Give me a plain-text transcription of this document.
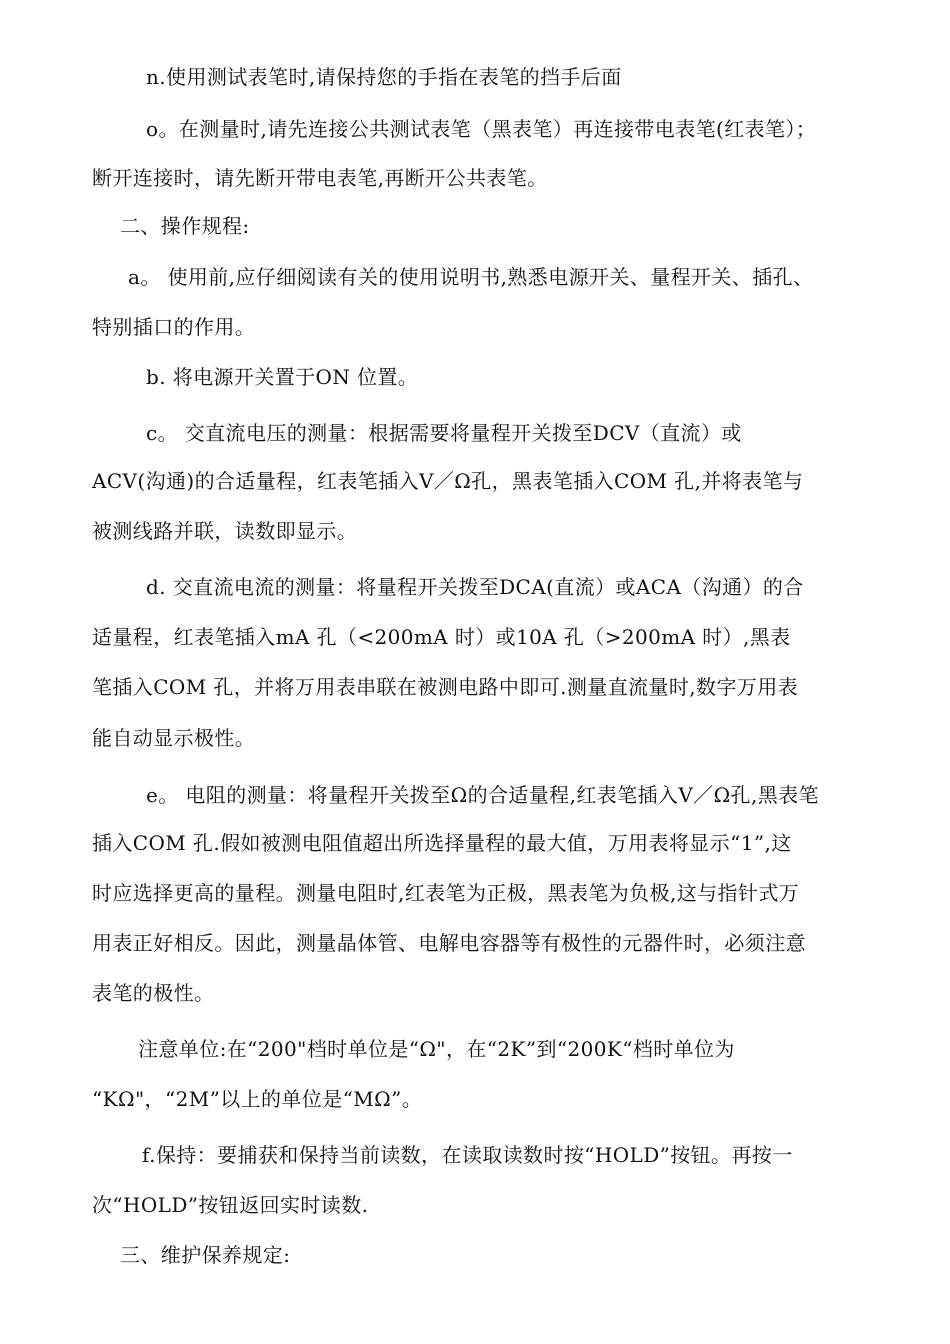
n.使用测试表笔时,请保持您的手指在表笔的挡手后面
o。在测量时,请先连接公共测试表笔（黑表笔）再连接带电表笔(红表笔）；
断开连接时，请先断开带电表笔,再断开公共表笔。
二、操作规程:
a。 使用前,应仔细阅读有关的使用说明书,熟悉电源开关、量程开关、插孔、
特别插口的作用。
b. 将电源开关置于ON 位置。
c。 交直流电压的测量：根据需要将量程开关拨至DCV（直流）或
ACV(沟通)的合适量程，红表笔插入V／Ω孔，黑表笔插入COM 孔,并将表笔与
被测线路并联，读数即显示。
d. 交直流电流的测量：将量程开关拨至DCA(直流）或ACA（沟通）的合
适量程，红表笔插入mA 孔（<200mA 时）或10A 孔（>200mA 时）,黑表
笔插入COM 孔，并将万用表串联在被测电路中即可.测量直流量时,数字万用表
能自动显示极性。
e。 电阻的测量：将量程开关拨至Ω的合适量程,红表笔插入V／Ω孔,黑表笔
插入COM 孔.假如被测电阻值超出所选择量程的最大值，万用表将显示“1”,这
时应选择更高的量程。测量电阻时,红表笔为正极，黑表笔为负极,这与指针式万
用表正好相反。因此，测量晶体管、电解电容器等有极性的元器件时，必须注意
表笔的极性。
注意单位:在“200"档时单位是“Ω"，在“2K”到“200K“档时单位为
“KΩ"，“2M”以上的单位是“MΩ”。
f.保持：要捕获和保持当前读数，在读取读数时按“HOLD”按钮。再按一
次“HOLD”按钮返回实时读数.
三、维护保养规定:
